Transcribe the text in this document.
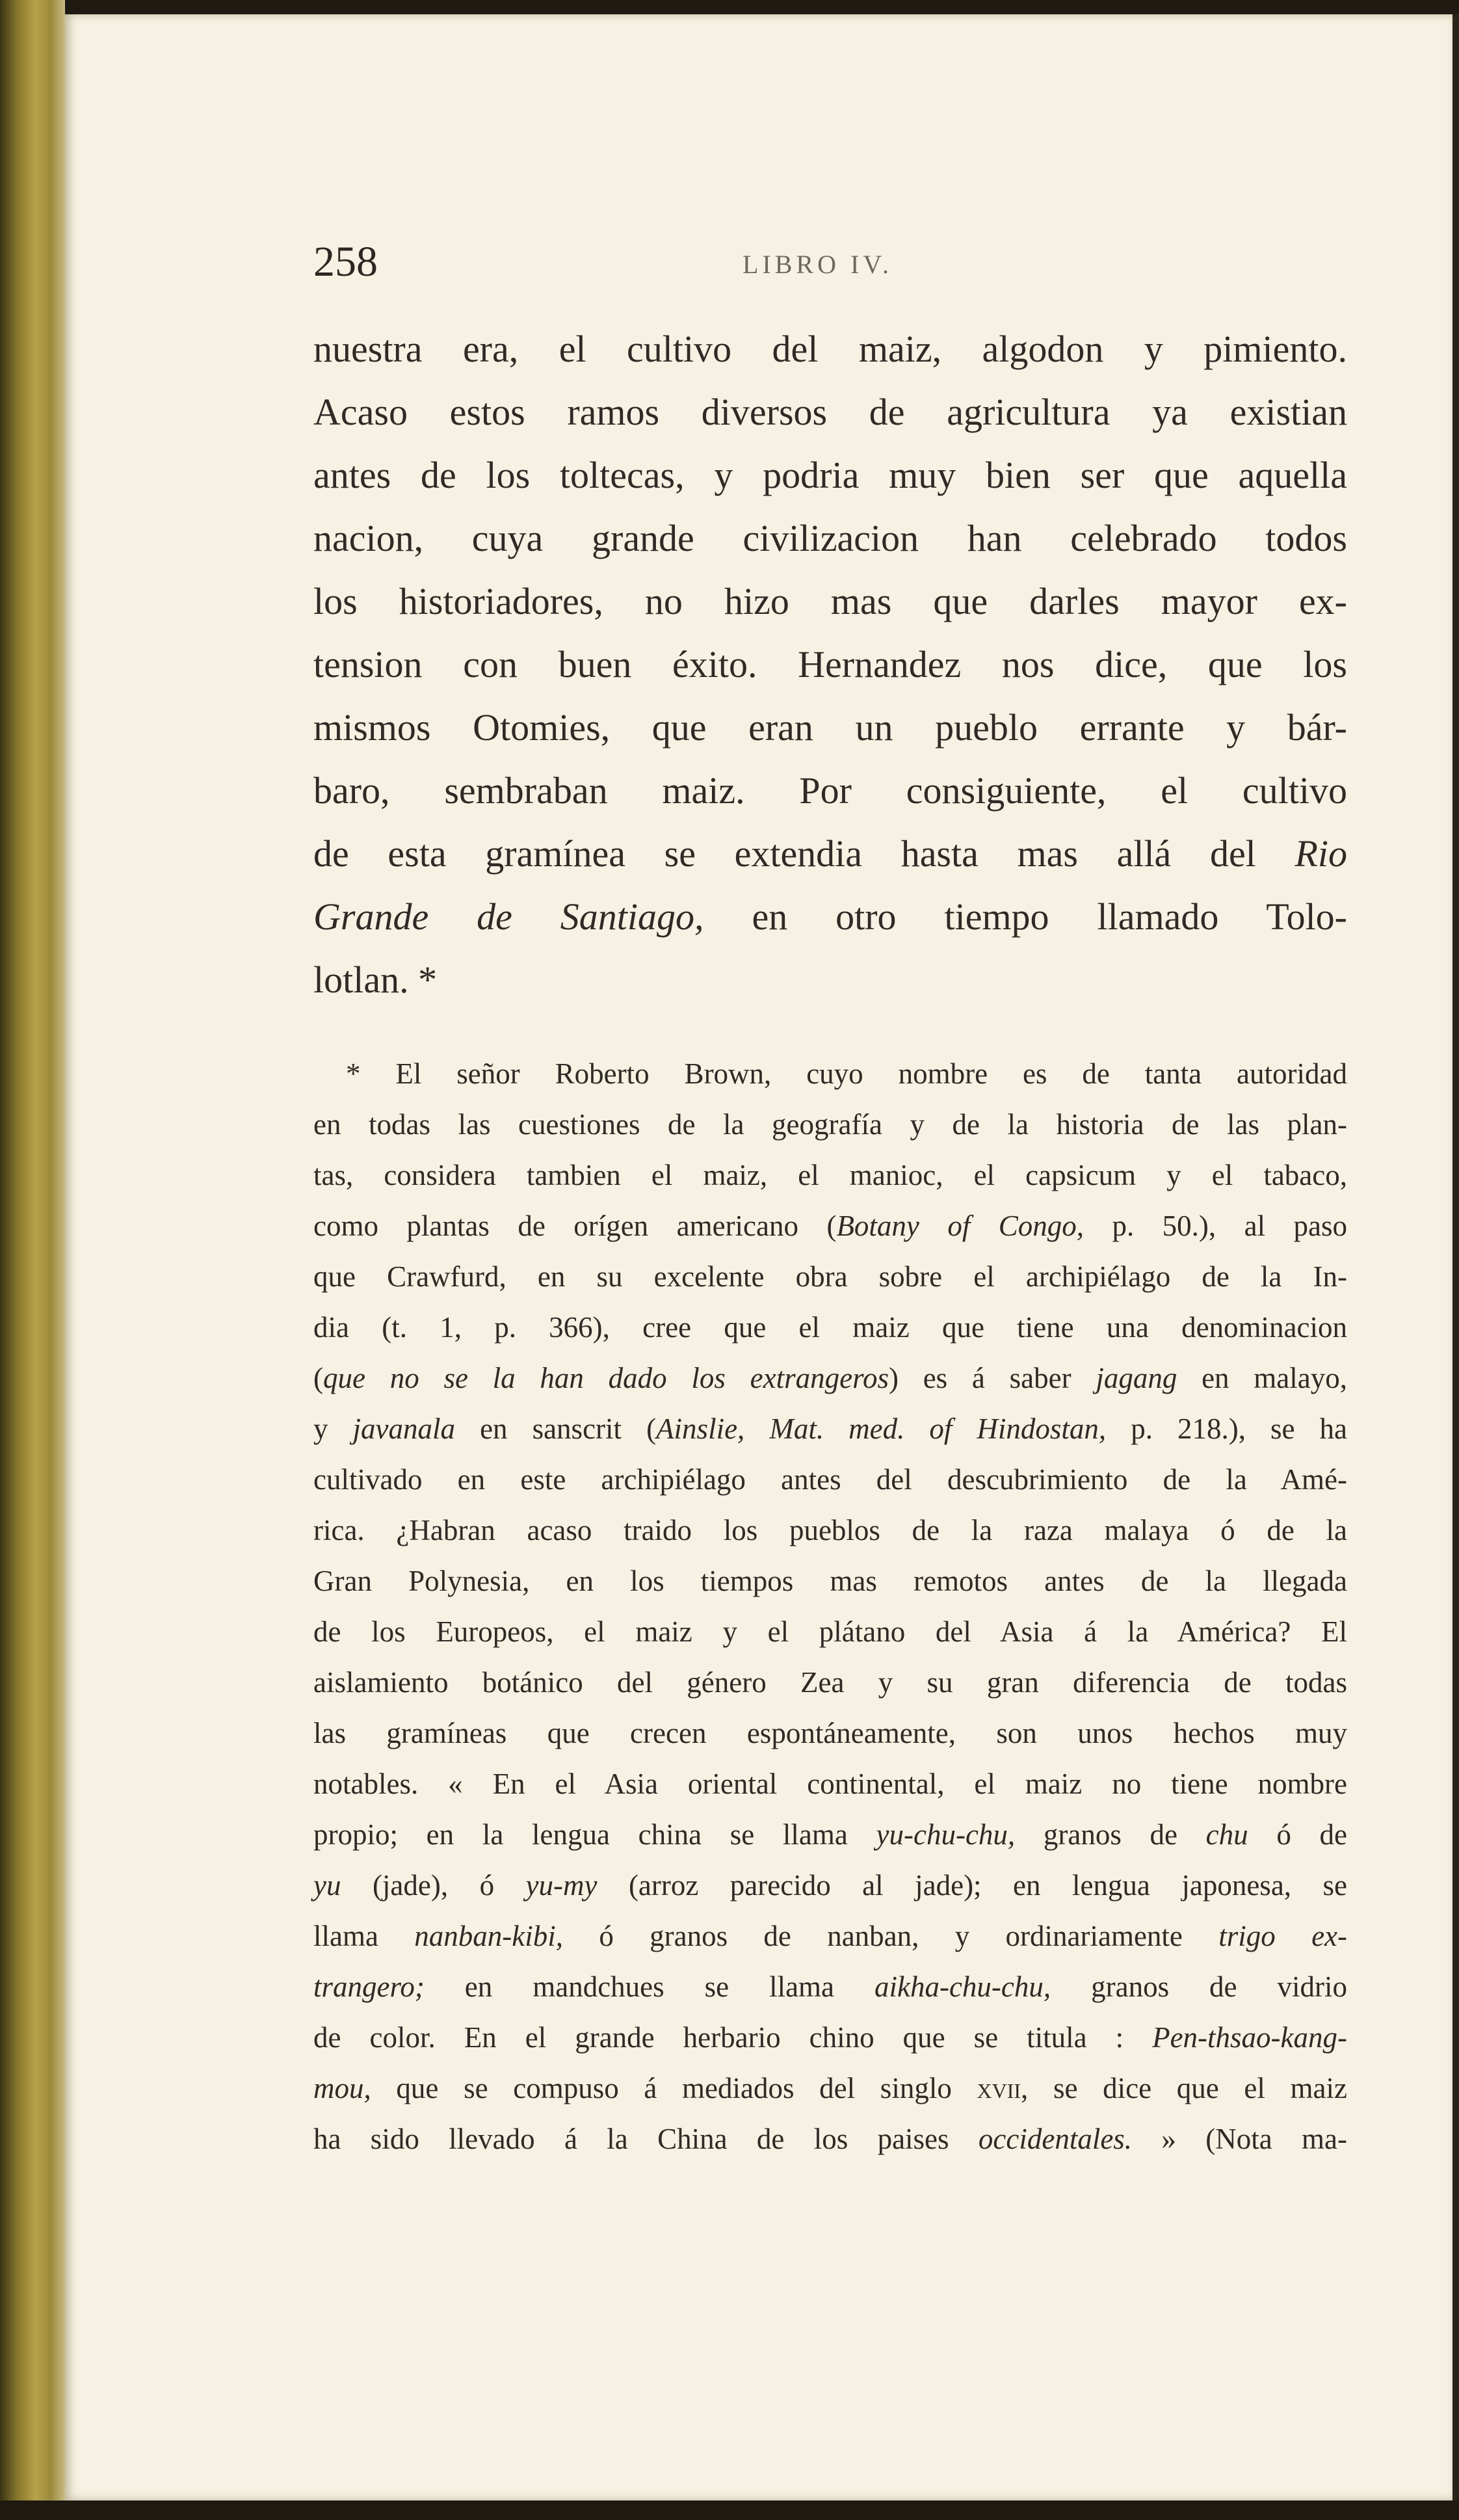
258	LIBRO IV.
nuestra era, el cultivo del maiz, algodon y pimiento.
Acaso estos ramos diversos de agricultura ya existian
antes de los toltecas, y podria muy bien ser que aquella
nacion, cuya grande civilizacion han celebrado todos
los historiadores, no hizo mas que darles mayor ex-
tension con buen éxito. Hernandez nos dice, que los
mismos Otomies, que eran un pueblo errante y bár-
baro, sembraban maiz. Por consiguiente, el cultivo
de esta gramínea se extendia hasta mas allá del Rio
Grande de Santiago, en otro tiempo llamado Tolo-
lotlan. *
* El señor Roberto Brown, cuyo nombre es de tanta autoridad
en todas las cuestiones de la geografía y de la historia de las plan-
tas, considera tambien el maiz, el manioc, el capsicum y el tabaco,
como plantas de orígen americano (Botany of Congo, p. 50.), al paso
que Crawfurd, en su excelente obra sobre el archipiélago de la In-
dia (t. 1, p. 366), cree que el maiz que tiene una denominacion
(que no se la han dado los extrangeros) es á saber jagang en malayo,
y javanala en sanscrit (Ainslie, Mat. med. of Hindostan, p. 218.), se ha
cultivado en este archipiélago antes del descubrimiento de la Amé-
rica. ¿Habran acaso traido los pueblos de la raza malaya ó de la
Gran Polynesia, en los tiempos mas remotos antes de la llegada
de los Europeos, el maiz y el plátano del Asia á la América? El
aislamiento botánico del género Zea y su gran diferencia de todas
las gramíneas que crecen espontáneamente, son unos hechos muy
notables. « En el Asia oriental continental, el maiz no tiene nombre
propio; en la lengua china se llama yu-chu-chu, granos de chu ó de
yu (jade), ó yu-my (arroz parecido al jade); en lengua japonesa, se
llama nanban-kibi, ó granos de nanban, y ordinariamente trigo ex-
trangero; en mandchues se llama aikha-chu-chu, granos de vidrio
de color. En el grande herbario chino que se titula : Pen-thsao-kang-
mou, que se compuso á mediados del singlo xvii, se dice que el maiz
ha sido llevado á la China de los paises occidentales. » (Nota ma-
